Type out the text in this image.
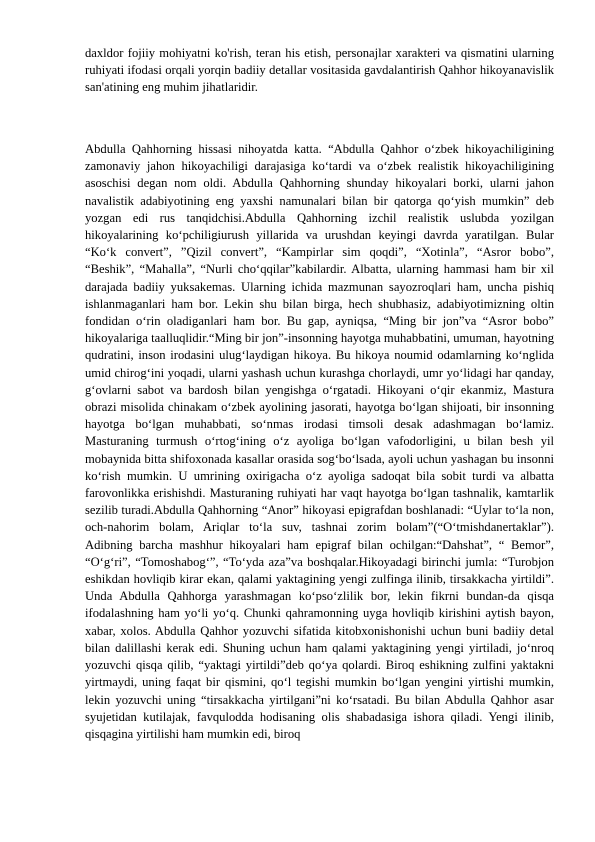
daxldor fojiiy mohiyatni ko'rish, teran his etish, personajlar xarakteri va qismatini ularning ruhiyati ifodasi orqali yorqin badiiy detallar vositasida gavdalantirish Qahhor hikoyanavislik san'atining eng muhim jihatlaridir.

Abdulla Qahhorning hissasi nihoyatda katta. “Abdulla Qahhor o‘zbek hikoyachiligining zamonaviy jahon hikoyachiligi darajasiga ko‘tardi va o‘zbek realistik hikoyachiligining asoschisi degan nom oldi. Abdulla Qahhorning shunday hikoyalari borki, ularni jahon navalistik adabiyotining eng yaxshi namunalari bilan bir qatorga qo‘yish mumkin” deb yozgan edi rus tanqidchisi.Abdulla Qahhorning izchil realistik uslubda yozilgan hikoyalarining ko‘pchiligiurush yillarida va urushdan keyingi davrda yaratilgan. Bular “Ko‘k convert”, ”Qizil convert”, “Kampirlar sim qoqdi”, “Xotinla”, “Asror bobo”, “Beshik”, “Mahalla”, “Nurli cho‘qqilar”kabilardir. Albatta, ularning hammasi ham bir xil darajada badiiy yuksakemas. Ularning ichida mazmunan sayozroqlari ham, uncha pishiq ishlanmaganlari ham bor. Lekin shu bilan birga, hech shubhasiz, adabiyotimizning oltin fondidan o‘rin oladiganlari ham bor. Bu gap, ayniqsa, “Ming bir jon”va “Asror bobo” hikoyalariga taalluqlidir.“Ming bir jon”-insonning hayotga muhabbatini, umuman, hayotning qudratini, inson irodasini ulug‘laydigan hikoya. Bu hikoya noumid odamlarning ko‘nglida umid chirog‘ini yoqadi, ularni yashash uchun kurashga chorlaydi, umr yo‘lidagi har qanday, g‘ovlarni sabot va bardosh bilan yengishga o‘rgatadi. Hikoyani o‘qir ekanmiz, Mastura obrazi misolida chinakam o‘zbek ayolining jasorati, hayotga bo‘lgan shijoati, bir insonning hayotga bo‘lgan muhabbati, so‘nmas irodasi timsoli desak adashmagan bo‘lamiz. Masturaning turmush o‘rtog‘ining o‘z ayoliga bo‘lgan vafodorligini, u bilan besh yil mobaynida bitta shifoxonada kasallar orasida sog‘bo‘lsada, ayoli uchun yashagan bu insonni ko‘rish mumkin. U umrining oxirigacha o‘z ayoliga sadoqat bila sobit turdi va albatta farovonlikka erishishdi. Masturaning ruhiyati har vaqt hayotga bo‘lgan tashnalik, kamtarlik sezilib turadi.Abdulla Qahhorning “Anor” hikoyasi epigrafdan boshlanadi: “Uylar to‘la non, och-nahorim bolam, Ariqlar to‘la suv, tashnai zorim bolam”(“O‘tmishdanertaklar”). Adibning barcha mashhur hikoyalari ham epigraf bilan ochilgan:“Dahshat”, “ Bemor”, “O‘g‘ri”, “Tomoshabog‘”, “To‘yda aza”va boshqalar.Hikoyadagi birinchi jumla: “Turobjon eshikdan hovliqib kirar ekan, qalami yaktagining yengi zulfinga ilinib, tirsakkacha yirtildi”. Unda Abdulla Qahhorga yarashmagan ko‘pso‘zlilik bor, lekin fikrni bundan-da qisqa ifodalashning ham yo‘li yo‘q. Chunki qahramonning uyga hovliqib kirishini aytish bayon, xabar, xolos. Abdulla Qahhor yozuvchi sifatida kitobxonishonishi uchun buni badiiy detal bilan dalillashi kerak edi. Shuning uchun ham qalami yaktagining yengi yirtiladi, jo‘nroq yozuvchi qisqa qilib, “yaktagi yirtildi”deb qo‘ya qolardi. Biroq eshikning zulfini yaktakni yirtmaydi, uning faqat bir qismini, qo‘l tegishi mumkin bo‘lgan yengini yirtishi mumkin, lekin yozuvchi uning “tirsakkacha yirtilgani”ni ko‘rsatadi. Bu bilan Abdulla Qahhor asar syujetidan kutilajak, favqulodda hodisaning olis shabadasiga ishora qiladi. Yengi ilinib, qisqagina yirtilishi ham mumkin edi, biroq
